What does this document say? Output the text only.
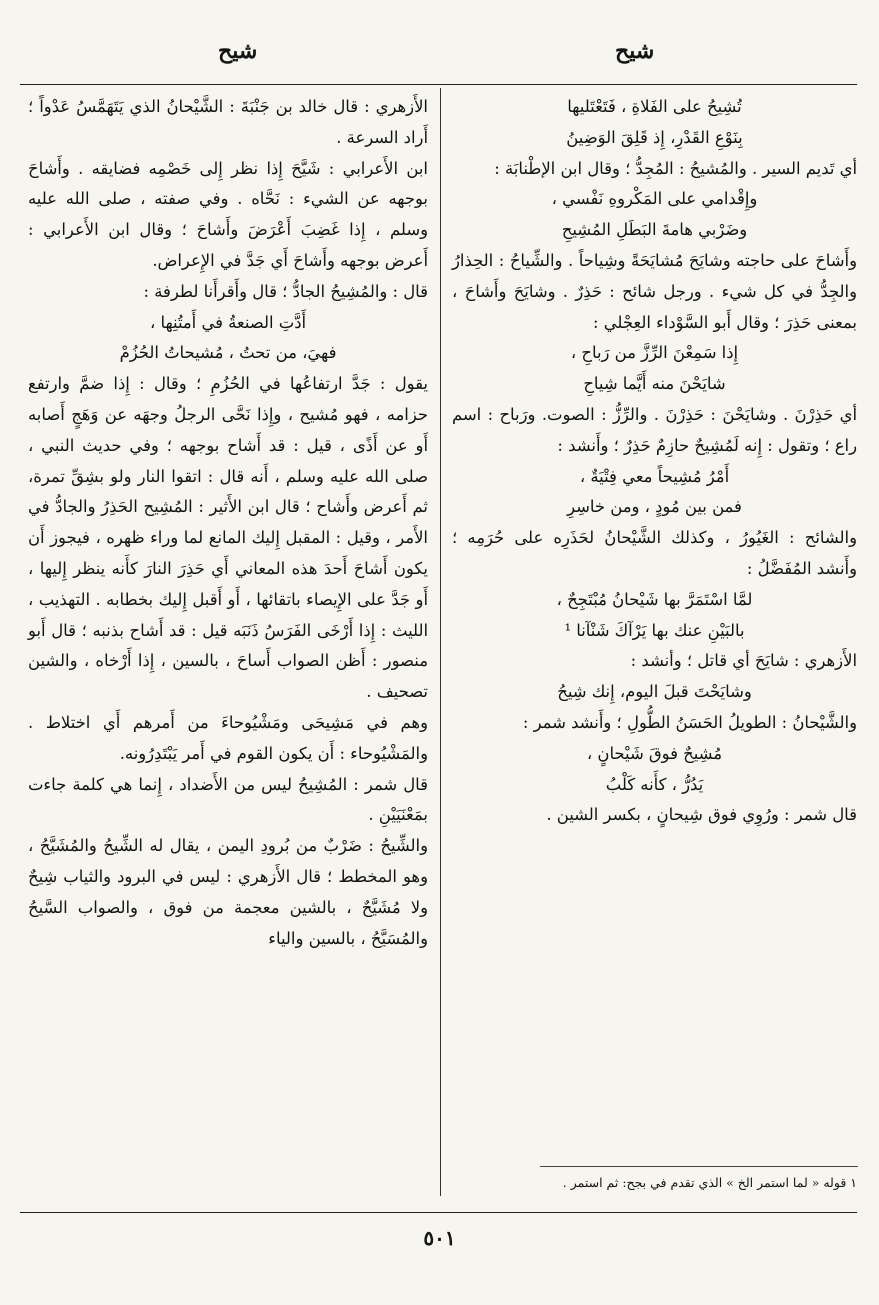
شيح
شيح
تُشِيحُ على الفَلاةِ ، فَتَعْتَليها
بِنَوْعِ القَدْرِ، إِذ قَلِقَ الوَضِينُ

أي تَديم السير . والمُشيحُ : المُجِدُّ ؛ وقال ابن الإطْنابَة :

وإِقْدامي على المَكْروهِ نَفْسي ،
وضَرْبي هامةَ البَطَلِ المُشِيحِ

وأَشاحَ على حاجته وشايَحَ مُشايَحَةً وشِياحاً . والشِّياحُ : الحِذارُ والجِدُّ في كل شيء . ورجل شائح : حَذِرٌ . وشايَحَ وأَشاحَ ، بمعنى حَذِرَ ؛ وقال أَبو السَّوْداء العِجْلي :

إِذا سَمِعْنَ الرِّزَّ من رَباحِ ،
شايَحْنَ منه أَيَّما شِياحِ

أي حَذِرْنَ . وشايَحْنَ : حَذِرْنَ . والرِّزُّ : الصوت. ورَباح : اسم راع ؛ وتقول : إِنه لَمُشِيحٌ حازِمٌ حَذِرٌ ؛ وأَنشد :

أَمْرُ مُشِيحاً معي فِتْيَةٌ ،
فمن بين مُودٍ ، ومن خاسِرِ

والشائح : الغَيُورُ ، وكذلك الشَّيْحانُ لحَذَرِه على حُرَمِه ؛ وأَنشد المُفَضَّلُ :

لمَّا اسْتَمَرَّ بها شَيْحانُ مُبْتَجِحٌ ،
بالبَيْنِ عنك بها يَرْآكَ شَنْآنا ¹

الأَزهري : شايَحَ أي قاتل ؛ وأنشد :

وشايَحْتَ قبلَ اليوم، إِنك شِيحُ

والشَّيْحانُ : الطويلُ الحَسَنُ الطُّولِ ؛ وأَنشد شمر :

مُشِيحٌ فوقَ شَيْحانٍ ،
يَدُرُّ ، كأَنه كَلْبُ

قال شمر : ورُوِي فوق شِيحانٍ ، بكسر الشين .

الأَزهري : قال خالد بن جَنْبَةَ : الشَّيْحانُ الذي يَتَهَمَّسُ عَدْواً ؛ أَراد السرعة .

ابن الأَعرابي : شَيَّحَ إِذا نظر إِلى خَصْمِه فضايقه . وأَشاحَ بوجهه عن الشيء : نَحَّاه . وفي صفته ، صلى الله عليه وسلم ، إِذا غَضِبَ أَعْرَضَ وأَشاحَ ؛ وقال ابن الأَعرابي : أَعرض بوجهه وأَشاحَ أَي جَدَّ في الإِعراض.

قال : والمُشِيحُ الجادُّ ؛ قال وأَقرأَنا لطرفة :

أَدَّتِ الصنعةُ في أَمتُنِها ،
فهيَ، من تحتُ ، مُشيحاتُ الحُزُمْ

يقول : جَدَّ ارتفاعُها في الحُزُمِ ؛ وقال : إِذا ضمَّ وارتفع حزامه ، فهو مُشيح ، وإِذا نَحَّى الرجلُ وجهَه عن وَهَجٍ أَصابه أَو عن أَذًى ، قيل : قد أَشاح بوجهه ؛ وفي حديث النبي ، صلى الله عليه وسلم ، أَنه قال : اتقوا النار ولو بشِقِّ تمرة، ثم أَعرض وأَشاح ؛ قال ابن الأَثير : المُشِيح الحَذِرُ والجادُّ في الأَمر ، وقيل : المقبل إِليك المانع لما وراء ظهره ، فيجوز أَن يكون أَشاحَ أَحدَ هذه المعاني أَي حَذِرَ النارَ كأَنه ينظر إِليها ، أَو جَدَّ على الإِيصاء باتقائها ، أَو أَقبل إِليك بخطابه . التهذيب ، الليث : إِذا أَرْخَى الفَرَسُ ذَنَبَه قيل : قد أَشاح بذنبه ؛ قال أَبو منصور : أَظن الصواب أَساحَ ، بالسين ، إِذا أَرْخاه ، والشين تصحيف .

وهم في مَشِيحَى ومَشْيُوحاءَ من أَمرهم أَي اختلاط . والمَشْيُوحاء : أَن يكون القوم في أَمر يَبْتَدِرُونه.

قال شمر : المُشِيحُ ليس من الأَضداد ، إِنما هي كلمة جاءت بمَعْنَيَيْنِ .

والشِّيحُ : ضَرْبٌ من بُرودِ اليمن ، يقال له الشِّيحُ والمُشَيَّحُ ، وهو المخطط ؛ قال الأَزهري : ليس في البرود والثياب شِيحٌ ولا مُشَيَّحٌ ، بالشين معجمة من فوق ، والصواب السَّيحُ والمُسَيَّحُ ، بالسين والياء

١ قوله « لما استمر الخ » الذي تقدم في بجح: ثم استمر .
٥٠١
